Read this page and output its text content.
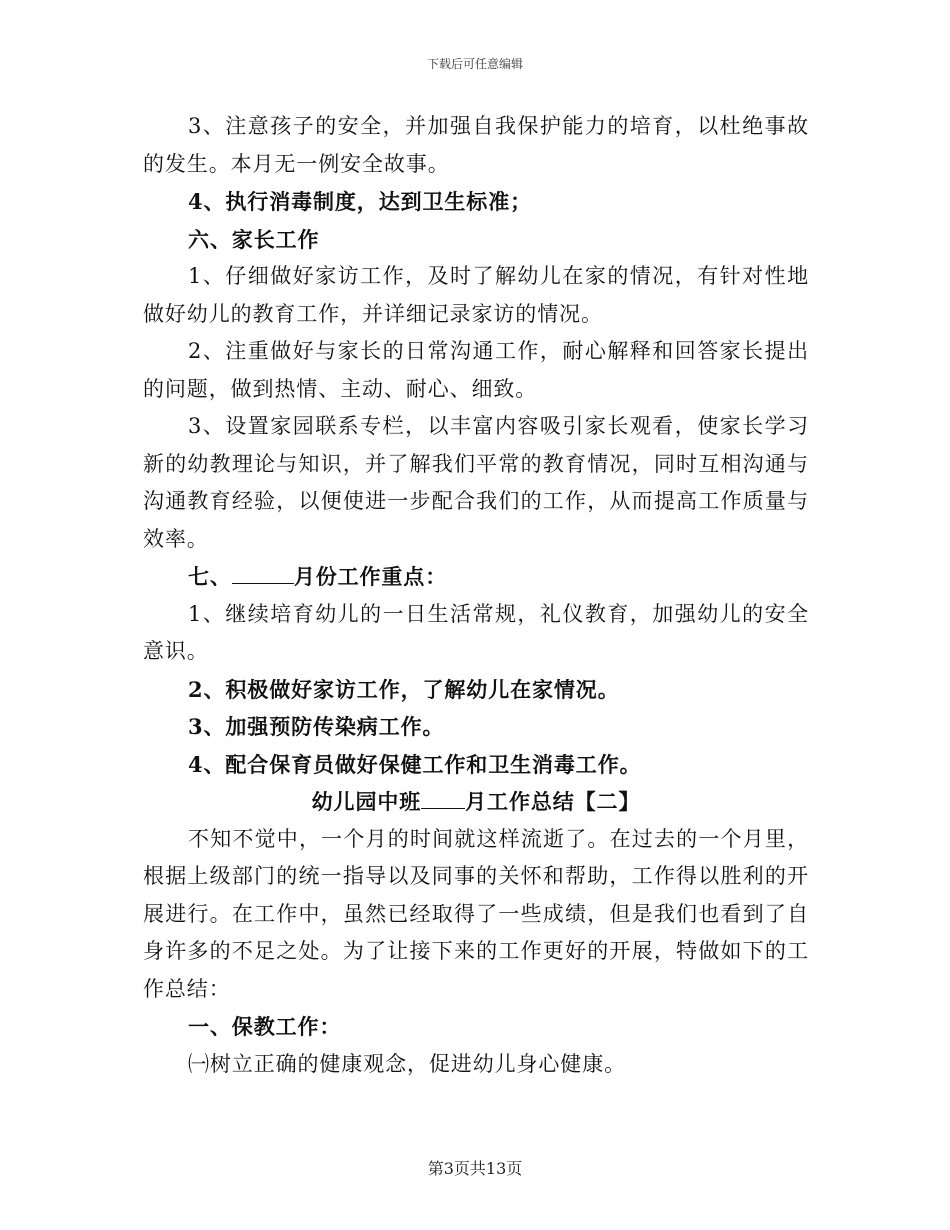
下载后可任意编辑

3、注意孩子的安全，并加强自我保护能力的培育，以杜绝事故的发生。本月无一例安全故事。

4、执行消毒制度，达到卫生标准；

六、家长工作

1、仔细做好家访工作，及时了解幼儿在家的情况，有针对性地做好幼儿的教育工作，并详细记录家访的情况。

2、注重做好与家长的日常沟通工作，耐心解释和回答家长提出的问题，做到热情、主动、耐心、细致。

3、设置家园联系专栏，以丰富内容吸引家长观看，使家长学习新的幼教理论与知识，并了解我们平常的教育情况，同时互相沟通与沟通教育经验，以便使进一步配合我们的工作，从而提高工作质量与效率。

七、	月份工作重点：

1、继续培育幼儿的一日生活常规，礼仪教育，加强幼儿的安全意识。

2、积极做好家访工作，了解幼儿在家情况。

3、加强预防传染病工作。

4、配合保育员做好保健工作和卫生消毒工作。

幼儿园中班 月工作总结【二】

不知不觉中，一个月的时间就这样流逝了。在过去的一个月里，根据上级部门的统一指导以及同事的关怀和帮助，工作得以胜利的开展进行。在工作中，虽然已经取得了一些成绩，但是我们也看到了自身许多的不足之处。为了让接下来的工作更好的开展，特做如下的工作总结：

一、保教工作：

㈠树立正确的健康观念，促进幼儿身心健康。

第3页共13页
